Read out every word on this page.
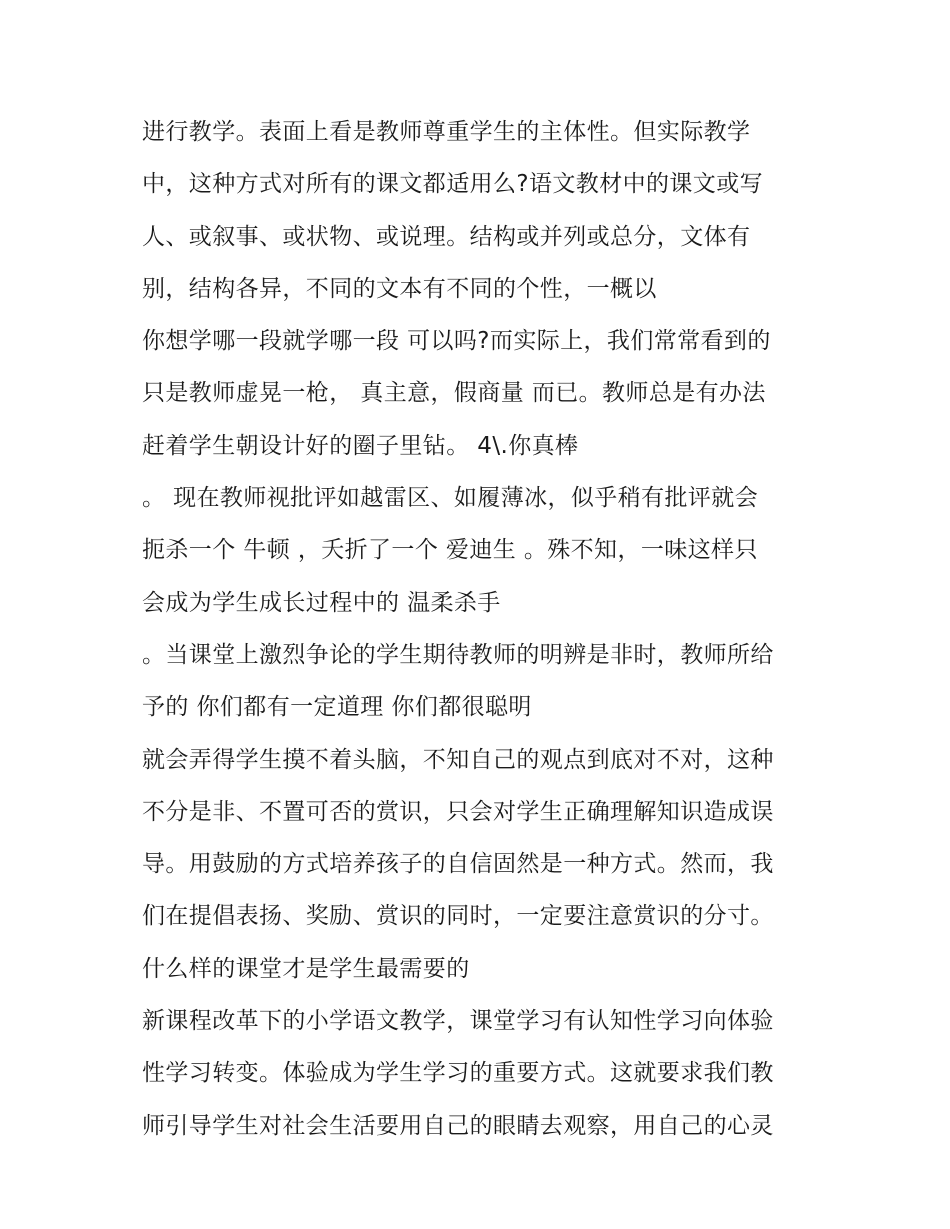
进行教学。表面上看是教师尊重学生的主体性。但实际教学
中，这种方式对所有的课文都适用么?语文教材中的课文或写
人、或叙事、或状物、或说理。结构或并列或总分，文体有
别，结构各异，不同的文本有不同的个性，一概以
你想学哪一段就学哪一段 可以吗?而实际上，我们常常看到的
只是教师虚晃一枪， 真主意，假商量 而已。教师总是有办法
赶着学生朝设计好的圈子里钻。 4\.你真棒
。 现在教师视批评如越雷区、如履薄冰，似乎稍有批评就会
扼杀一个 牛顿 ，夭折了一个 爱迪生 。殊不知，一味这样只
会成为学生成长过程中的 温柔杀手
。当课堂上激烈争论的学生期待教师的明辨是非时，教师所给
予的 你们都有一定道理 你们都很聪明
就会弄得学生摸不着头脑，不知自己的观点到底对不对，这种
不分是非、不置可否的赏识，只会对学生正确理解知识造成误
导。用鼓励的方式培养孩子的自信固然是一种方式。然而，我
们在提倡表扬、奖励、赏识的同时，一定要注意赏识的分寸。
什么样的课堂才是学生最需要的
新课程改革下的小学语文教学，课堂学习有认知性学习向体验
性学习转变。体验成为学生学习的重要方式。这就要求我们教
师引导学生对社会生活要用自己的眼睛去观察，用自己的心灵
